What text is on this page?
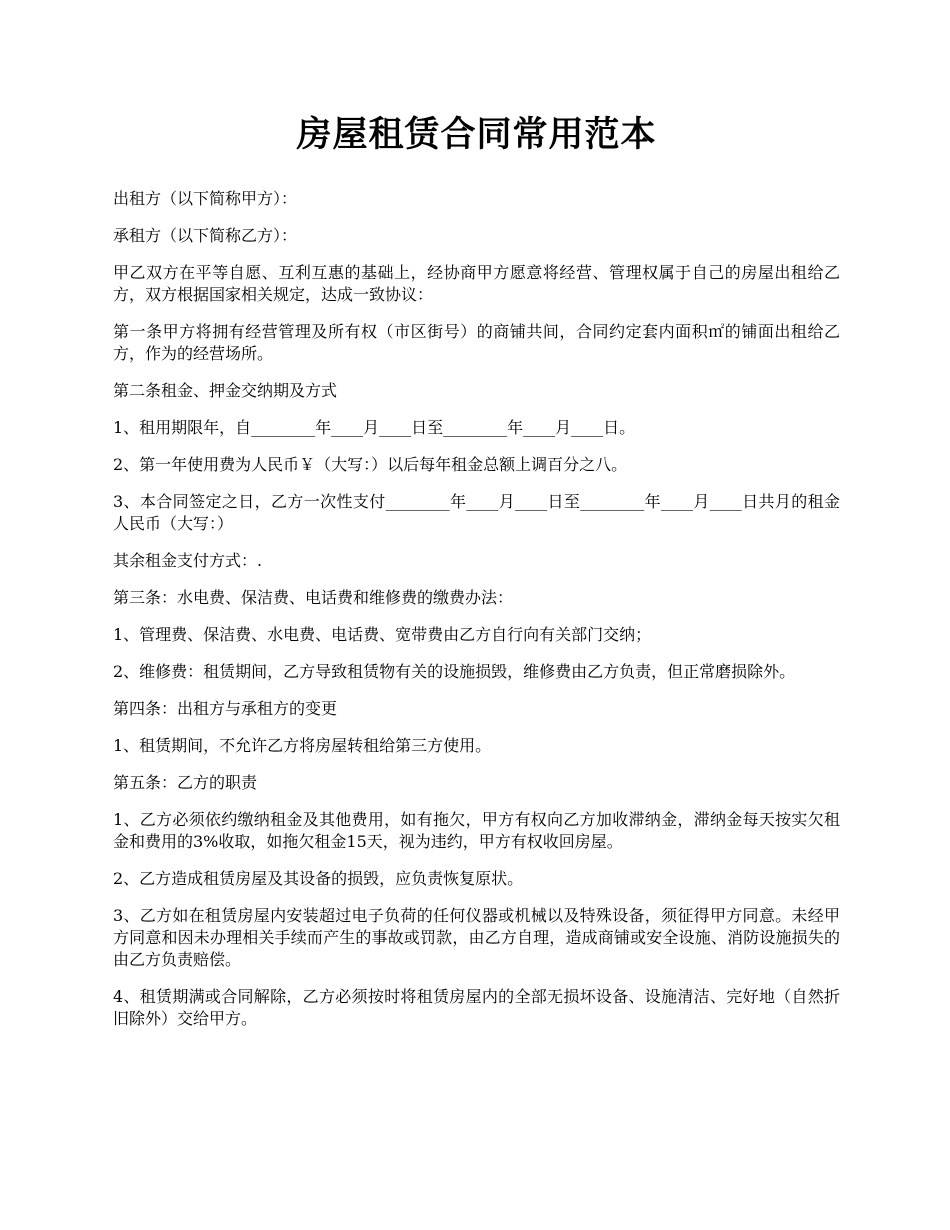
房屋租赁合同常用范本

出租方（以下简称甲方）：

承租方（以下简称乙方）：

甲乙双方在平等自愿、互利互惠的基础上，经协商甲方愿意将经营、管理权属于自己的房屋出租给乙方，双方根据国家相关规定，达成一致协议：

第一条甲方将拥有经营管理及所有权（市区街号）的商铺共间，合同约定套内面积㎡的铺面出租给乙方，作为的经营场所。

第二条租金、押金交纳期及方式

1、租用期限年，自________年____月____日至________年____月____日。

2、第一年使用费为人民币￥（大写：）以后每年租金总额上调百分之八。

3、本合同签定之日，乙方一次性支付________年____月____日至________年____月____日共月的租金人民币（大写：）

其余租金支付方式：.

第三条：水电费、保洁费、电话费和维修费的缴费办法：

1、管理费、保洁费、水电费、电话费、宽带费由乙方自行向有关部门交纳；

2、维修费：租赁期间，乙方导致租赁物有关的设施损毁，维修费由乙方负责，但正常磨损除外。

第四条：出租方与承租方的变更

1、租赁期间，不允许乙方将房屋转租给第三方使用。

第五条：乙方的职责

1、乙方必须依约缴纳租金及其他费用，如有拖欠，甲方有权向乙方加收滞纳金，滞纳金每天按实欠租金和费用的3%收取，如拖欠租金15天，视为违约，甲方有权收回房屋。

2、乙方造成租赁房屋及其设备的损毁，应负责恢复原状。

3、乙方如在租赁房屋内安装超过电子负荷的任何仪器或机械以及特殊设备，须征得甲方同意。未经甲方同意和因未办理相关手续而产生的事故或罚款，由乙方自理，造成商铺或安全设施、消防设施损失的由乙方负责赔偿。

4、租赁期满或合同解除，乙方必须按时将租赁房屋内的全部无损坏设备、设施清洁、完好地（自然折旧除外）交给甲方。
